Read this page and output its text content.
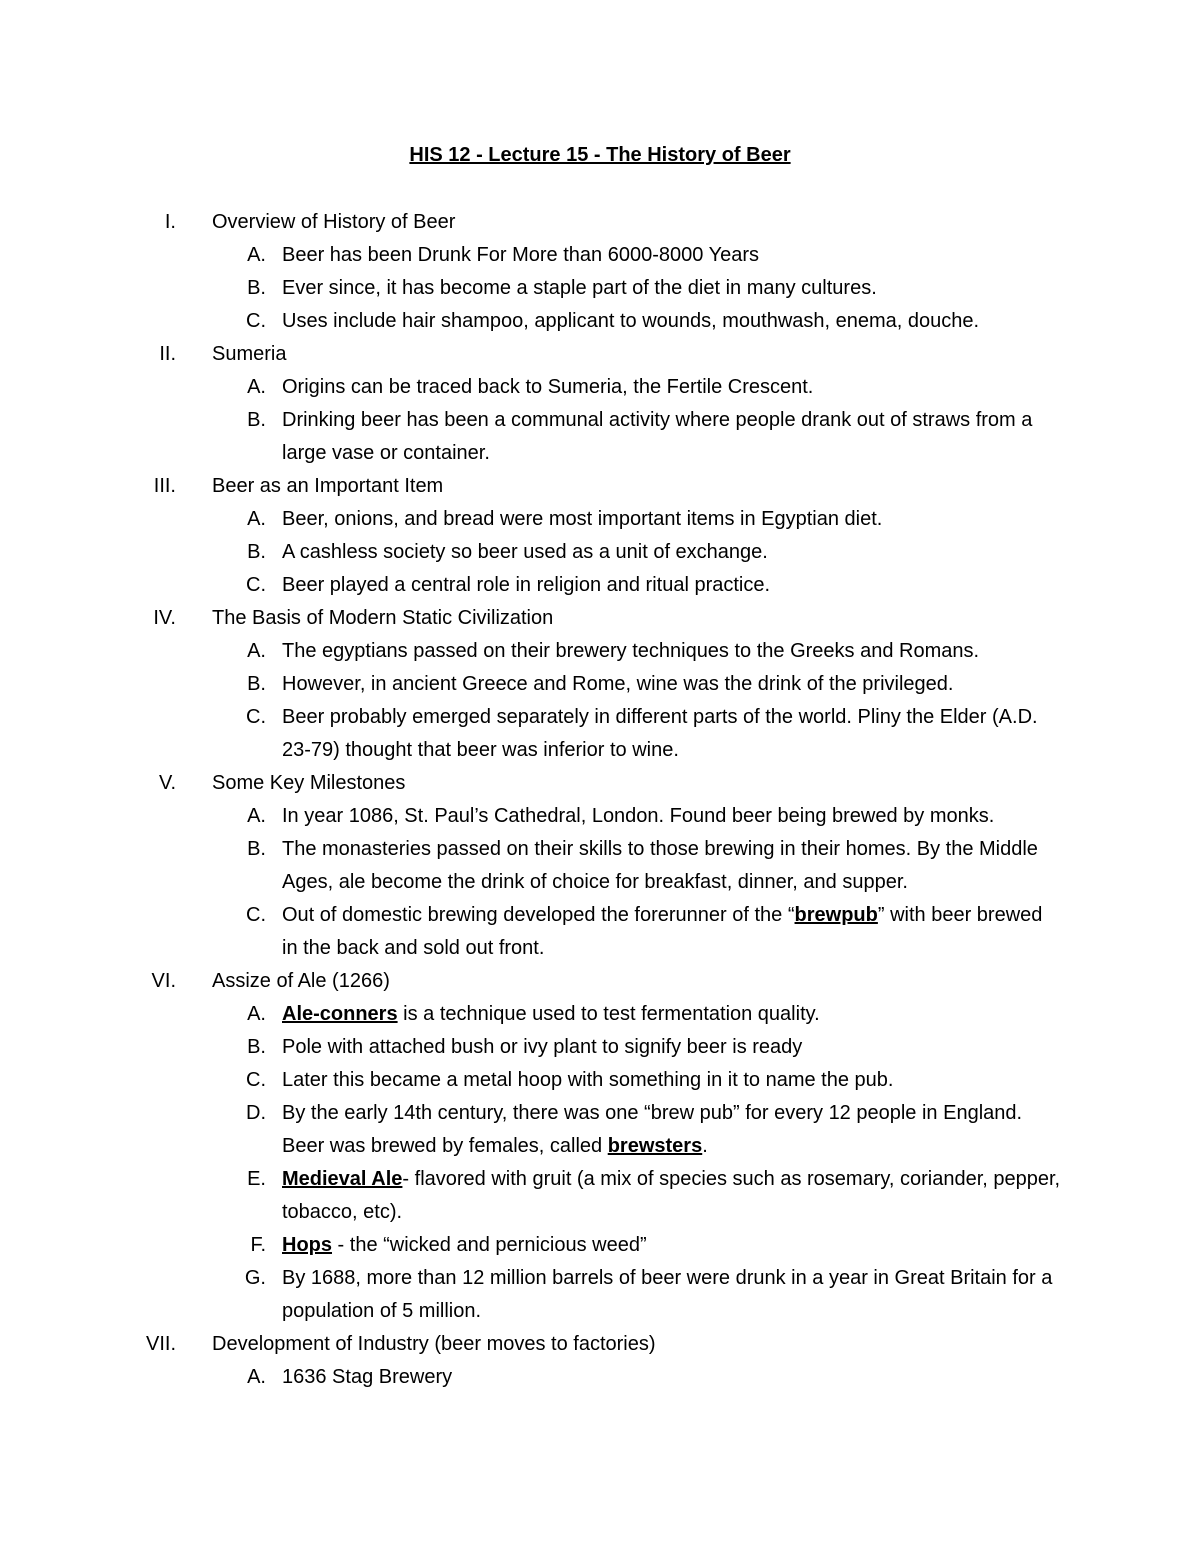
HIS 12 - Lecture 15 - The History of Beer
I. Overview of History of Beer
A. Beer has been Drunk For More than 6000-8000 Years
B. Ever since, it has become a staple part of the diet in many cultures.
C. Uses include hair shampoo, applicant to wounds, mouthwash, enema, douche.
II. Sumeria
A. Origins can be traced back to Sumeria, the Fertile Crescent.
B. Drinking beer has been a communal activity where people drank out of straws from a large vase or container.
III. Beer as an Important Item
A. Beer, onions, and bread were most important items in Egyptian diet.
B. A cashless society so beer used as a unit of exchange.
C. Beer played a central role in religion and ritual practice.
IV. The Basis of Modern Static Civilization
A. The egyptians passed on their brewery techniques to the Greeks and Romans.
B. However, in ancient Greece and Rome, wine was the drink of the privileged.
C. Beer probably emerged separately in different parts of the world. Pliny the Elder (A.D. 23-79) thought that beer was inferior to wine.
V. Some Key Milestones
A. In year 1086, St. Paul’s Cathedral, London. Found beer being brewed by monks.
B. The monasteries passed on their skills to those brewing in their homes. By the Middle Ages, ale become the drink of choice for breakfast, dinner, and supper.
C. Out of domestic brewing developed the forerunner of the “brewpub” with beer brewed in the back and sold out front.
VI. Assize of Ale (1266)
A. Ale-conners is a technique used to test fermentation quality.
B. Pole with attached bush or ivy plant to signify beer is ready
C. Later this became a metal hoop with something in it to name the pub.
D. By the early 14th century, there was one “brew pub” for every 12 people in England. Beer was brewed by females, called brewsters.
E. Medieval Ale- flavored with gruit (a mix of species such as rosemary, coriander, pepper, tobacco, etc).
F. Hops - the “wicked and pernicious weed”
G. By 1688, more than 12 million barrels of beer were drunk in a year in Great Britain for a population of 5 million.
VII. Development of Industry (beer moves to factories)
A. 1636 Stag Brewery
